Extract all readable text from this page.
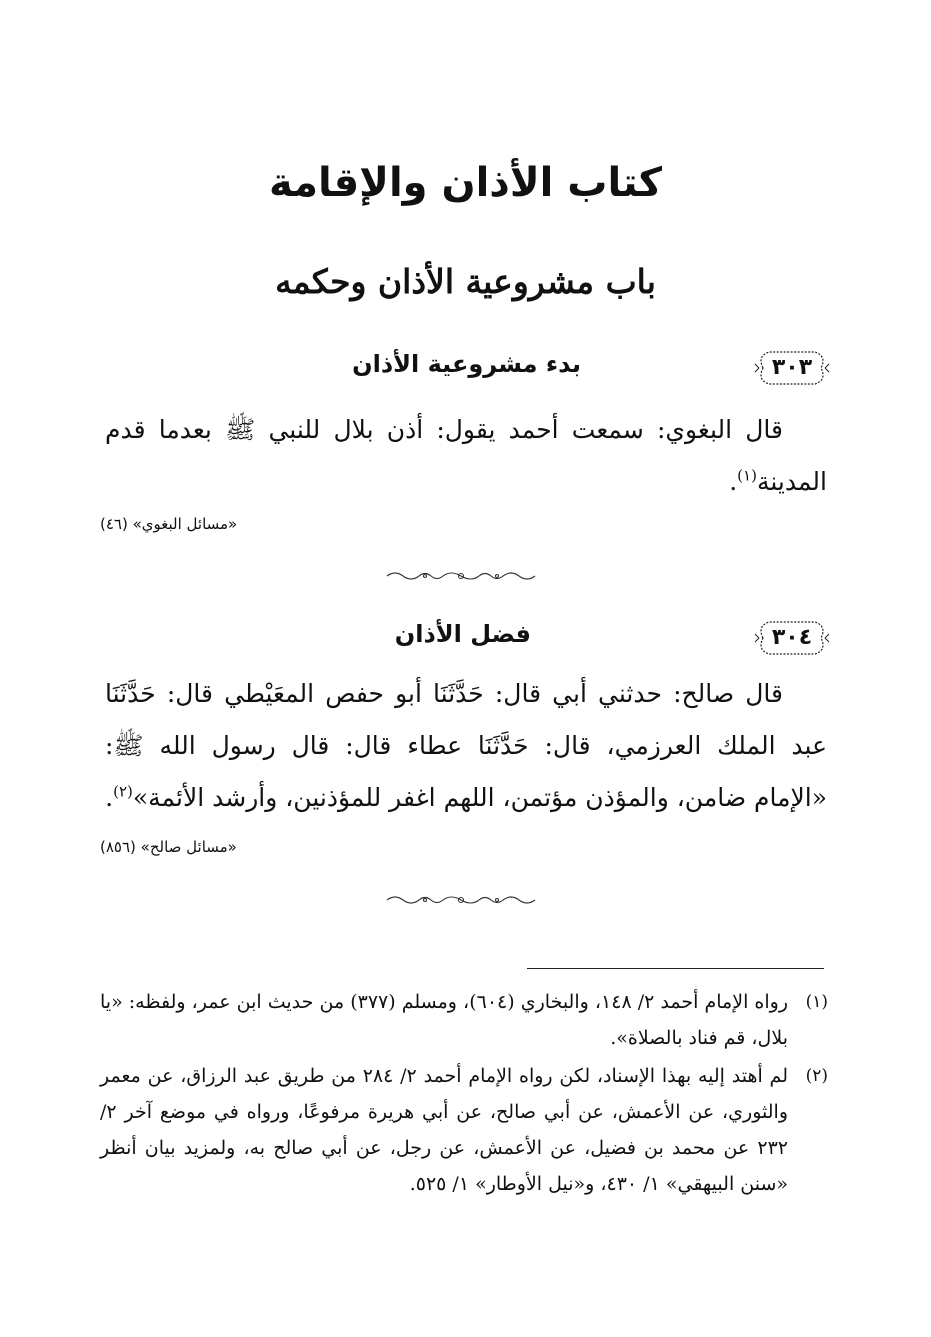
كتاب الأذان والإقامة
باب مشروعية الأذان وحكمه
٣٠٣
بدء مشروعية الأذان

قال البغوي: سمعت أحمد يقول: أذن بلال للنبي ﷺ بعدما قدم المدينة$^{(١)}$.

«مسائل البغوي» (٤٦)
٣٠٤
فضل الأذان

قال صالح: حدثني أبي قال: حَدَّثَنَا أبو حفص المعَيْطي قال: حَدَّثَنَا عبد الملك العرزمي، قال: حَدَّثَنَا عطاء قال: قال رسول الله ﷺ: «الإمام ضامن، والمؤذن مؤتمن، اللهم اغفر للمؤذنين، وأرشد الأئمة»$^{(٢)}$.

«مسائل صالح» (٨٥٦)
(١)
رواه الإمام أحمد ٢/ ١٤٨، والبخاري (٦٠٤)، ومسلم (٣٧٧) من حديث ابن عمر، ولفظه: «يا بلال، قم فناد بالصلاة».
(٢)
لم أهتد إليه بهذا الإسناد، لكن رواه الإمام أحمد ٢/ ٢٨٤ من طريق عبد الرزاق، عن معمر والثوري، عن الأعمش، عن أبي صالح، عن أبي هريرة مرفوعًا، ورواه في موضع آخر ٢/ ٢٣٢ عن محمد بن فضيل، عن الأعمش، عن رجل، عن أبي صالح به، ولمزيد بيان أنظر «سنن البيهقي» ١/ ٤٣٠، و«نيل الأوطار» ١/ ٥٢٥.
